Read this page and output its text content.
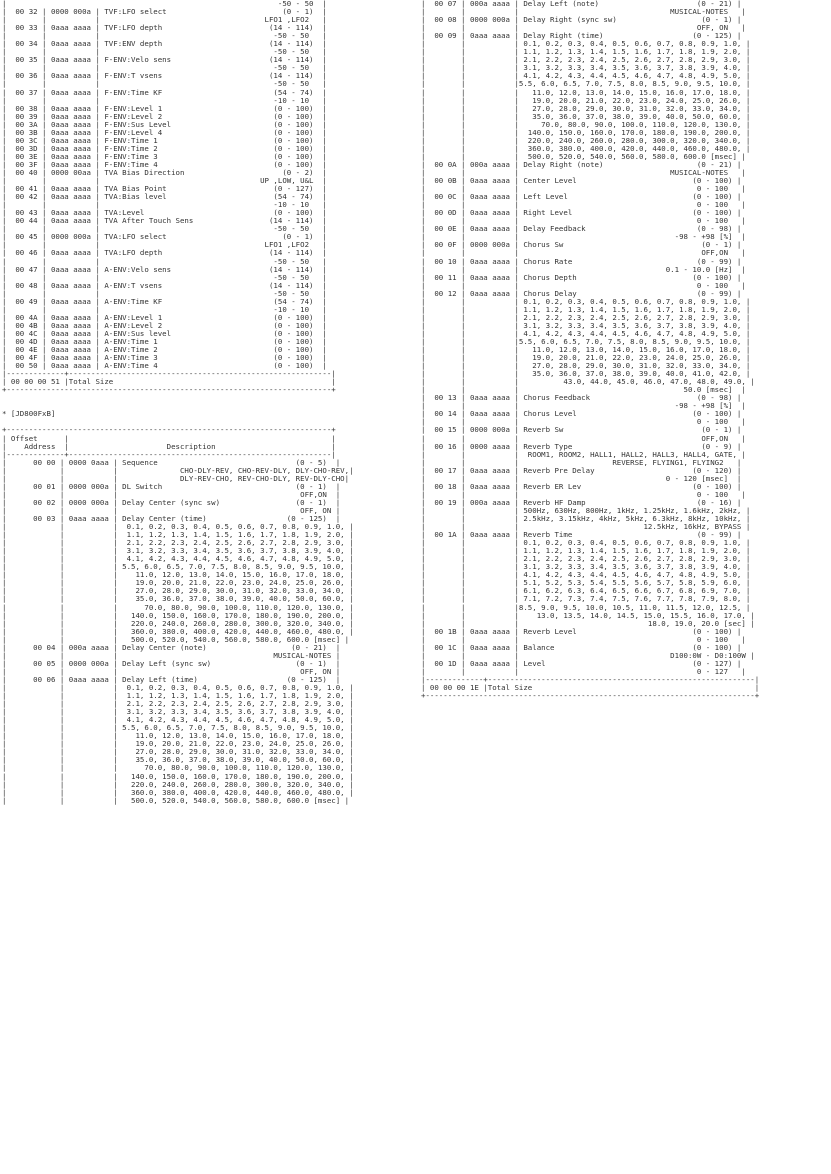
|                                                             -50 - 50  |
|  00 32 | 0000 000a | TVF:LFO select                          (0 - 1)  |
|        |           |                                     LFO1 ,LFO2   |
|  00 33 | 0aaa aaaa | TVF:LFO depth                        (14 - 114)  |
|        |           |                                       -50 - 50   |
|  00 34 | 0aaa aaaa | TVF:ENV depth                        (14 - 114)  |
|        |           |                                       -50 - 50   |
|  00 35 | 0aaa aaaa | F-ENV:Velo sens                      (14 - 114)  |
|        |           |                                       -50 - 50   |
|  00 36 | 0aaa aaaa | F-ENV:T vsens                        (14 - 114)  |
|        |           |                                       -50 - 50   |
|  00 37 | 0aaa aaaa | F-ENV:Time KF                         (54 - 74)  |
|        |           |                                       -10 - 10   |
|  00 38 | 0aaa aaaa | F-ENV:Level 1                         (0 - 100)  |
|  00 39 | 0aaa aaaa | F-ENV:Level 2                         (0 - 100)  |
|  00 3A | 0aaa aaaa | F-ENV:Sus Level                       (0 - 100)  |
|  00 3B | 0aaa aaaa | F-ENV:Level 4                         (0 - 100)  |
|  00 3C | 0aaa aaaa | F-ENV:Time 1                          (0 - 100)  |
|  00 3D | 0aaa aaaa | F-ENV:Time 2                          (0 - 100)  |
|  00 3E | 0aaa aaaa | F-ENV:Time 3                          (0 - 100)  |
|  00 3F | 0aaa aaaa | F-ENV:Time 4                          (0 - 100)  |
|  00 40 | 0000 00aa | TVA Bias Direction                      (0 - 2)  |
|        |           |                                    UP ,LOW, U&L  |
|  00 41 | 0aaa aaaa | TVA Bias Point                        (0 - 127)  |
|  00 42 | 0aaa aaaa | TVA:Bias level                        (54 - 74)  |
|        |           |                                       -10 - 10   |
|  00 43 | 0aaa aaaa | TVA:Level                             (0 - 100)  |
|  00 44 | 0aaa aaaa | TVA After Touch Sens                 (14 - 114)  |
|        |           |                                       -50 - 50   |
|  00 45 | 0000 000a | TVA:LFO select                          (0 - 1)  |
|        |           |                                     LFO1 ,LFO2   |
|  00 46 | 0aaa aaaa | TVA:LFO depth                        (14 - 114)  |
|        |           |                                       -50 - 50   |
|  00 47 | 0aaa aaaa | A-ENV:Velo sens                      (14 - 114)  |
|        |           |                                       -50 - 50   |
|  00 48 | 0aaa aaaa | A-ENV:T vsens                        (14 - 114)  |
|        |           |                                       -50 - 50   |
|  00 49 | 0aaa aaaa | A-ENV:Time KF                         (54 - 74)  |
|        |           |                                       -10 - 10   |
|  00 4A | 0aaa aaaa | A-ENV:Level 1                         (0 - 100)  |
|  00 4B | 0aaa aaaa | A-ENV:Level 2                         (0 - 100)  |
|  00 4C | 0aaa aaaa | A-ENV:Sus level                       (0 - 100)  |
|  00 4D | 0aaa aaaa | A-ENV:Time 1                          (0 - 100)  |
|  00 4E | 0aaa aaaa | A-ENV:Time 2                          (0 - 100)  |
|  00 4F | 0aaa aaaa | A-ENV:Time 3                          (0 - 100)  |
|  00 50 | 0aaa aaaa | A-ENV:Time 4                          (0 - 100)  |
|-------------+-----------------------------------------------------------|
| 00 00 00 51 |Total Size                                                 |
+-------------------------------------------------------------------------+
* [JD800FxB]
+-------------------------------------------------------------------------+
| Offset      |                                                           |
|    Address  |                      Description                          |
|-------------+-----------------------------------------------------------|
|      00 00 | 0000 0aaa | Sequence                               (0 - 5)  |
|            |           |              CHO-DLY-REV, CHO-REV-DLY, DLY-CHO-REV,|
|            |           |              DLY-REV-CHO, REV-CHO-DLY, REV-DLY-CHO|
|      00 01 | 0000 000a | DL Switch                              (0 - 1)  |
|            |           |                                         OFF,ON  |
|      00 02 | 0000 000a | Delay Center (sync sw)                 (0 - 1)  |
|            |           |                                         OFF, ON |
|      00 03 | 0aaa aaaa | Delay Center (time)                  (0 - 125)  |
|            |           |  0.1, 0.2, 0.3, 0.4, 0.5, 0.6, 0.7, 0.8, 0.9, 1.0, |
|            |           |  1.1, 1.2, 1.3, 1.4, 1.5, 1.6, 1.7, 1.8, 1.9, 2.0, |
|            |           |  2.1, 2.2, 2.3, 2.4, 2.5, 2.6, 2.7, 2.8, 2.9, 3.0, |
|            |           |  3.1, 3.2, 3.3, 3.4, 3.5, 3.6, 3.7, 3.8, 3.9, 4.0, |
|            |           |  4.1, 4.2, 4.3, 4.4, 4.5, 4.6, 4.7, 4.8, 4.9, 5.0, |
|            |           | 5.5, 6.0, 6.5, 7.0, 7.5, 8.0, 8.5, 9.0, 9.5, 10.0, |
|            |           |    11.0, 12.0, 13.0, 14.0, 15.0, 16.0, 17.0, 18.0, |
|            |           |    19.0, 20.0, 21.0, 22.0, 23.0, 24.0, 25.0, 26.0, |
|            |           |    27.0, 28.0, 29.0, 30.0, 31.0, 32.0, 33.0, 34.0, |
|            |           |    35.0, 36.0, 37.0, 38.0, 39.0, 40.0, 50.0, 60.0, |
|            |           |      70.0, 80.0, 90.0, 100.0, 110.0, 120.0, 130.0, |
|            |           |   140.0, 150.0, 160.0, 170.0, 180.0, 190.0, 200.0, |
|            |           |   220.0, 240.0, 260.0, 280.0, 300.0, 320.0, 340.0, |
|            |           |   360.0, 380.0, 400.0, 420.0, 440.0, 460.0, 480.0, |
|            |           |   500.0, 520.0, 540.0, 560.0, 580.0, 600.0 [msec] |
|      00 04 | 000a aaaa | Delay Center (note)                   (0 - 21)  |
|            |           |                                   MUSICAL-NOTES |
|      00 05 | 0000 000a | Delay Left (sync sw)                   (0 - 1)  |
|            |           |                                         OFF, ON |
|      00 06 | 0aaa aaaa | Delay Left (time)                    (0 - 125)  |
|            |           |  0.1, 0.2, 0.3, 0.4, 0.5, 0.6, 0.7, 0.8, 0.9, 1.0, |
|            |           |  1.1, 1.2, 1.3, 1.4, 1.5, 1.6, 1.7, 1.8, 1.9, 2.0, |
|            |           |  2.1, 2.2, 2.3, 2.4, 2.5, 2.6, 2.7, 2.8, 2.9, 3.0, |
|            |           |  3.1, 3.2, 3.3, 3.4, 3.5, 3.6, 3.7, 3.8, 3.9, 4.0, |
|            |           |  4.1, 4.2, 4.3, 4.4, 4.5, 4.6, 4.7, 4.8, 4.9, 5.0, |
|            |           | 5.5, 6.0, 6.5, 7.0, 7.5, 8.0, 8.5, 9.0, 9.5, 10.0, |
|            |           |    11.0, 12.0, 13.0, 14.0, 15.0, 16.0, 17.0, 18.0, |
|            |           |    19.0, 20.0, 21.0, 22.0, 23.0, 24.0, 25.0, 26.0, |
|            |           |    27.0, 28.0, 29.0, 30.0, 31.0, 32.0, 33.0, 34.0, |
|            |           |    35.0, 36.0, 37.0, 38.0, 39.0, 40.0, 50.0, 60.0, |
|            |           |      70.0, 80.0, 90.0, 100.0, 110.0, 120.0, 130.0, |
|            |           |   140.0, 150.0, 160.0, 170.0, 180.0, 190.0, 200.0, |
|            |           |   220.0, 240.0, 260.0, 280.0, 300.0, 320.0, 340.0, |
|            |           |   360.0, 380.0, 400.0, 420.0, 440.0, 460.0, 480.0, |
|            |           |   500.0, 520.0, 540.0, 560.0, 580.0, 600.0 [msec] |
|  00 07 | 000a aaaa | Delay Left (note)                      (0 - 21) |
|        |           |                                  MUSICAL-NOTES   |
|  00 08 | 0000 000a | Delay Right (sync sw)                   (0 - 1) |
|        |           |                                        OFF, ON   |
|  00 09 | 0aaa aaaa | Delay Right (time)                    (0 - 125) |
|        |           | 0.1, 0.2, 0.3, 0.4, 0.5, 0.6, 0.7, 0.8, 0.9, 1.0, |
|        |           | 1.1, 1.2, 1.3, 1.4, 1.5, 1.6, 1.7, 1.8, 1.9, 2.0, |
|        |           | 2.1, 2.2, 2.3, 2.4, 2.5, 2.6, 2.7, 2.8, 2.9, 3.0, |
|        |           | 3.1, 3.2, 3.3, 3.4, 3.5, 3.6, 3.7, 3.8, 3.9, 4.0, |
|        |           | 4.1, 4.2, 4.3, 4.4, 4.5, 4.6, 4.7, 4.8, 4.9, 5.0, |
|        |           |5.5, 6.0, 6.5, 7.0, 7.5, 8.0, 8.5, 9.0, 9.5, 10.0, |
|        |           |   11.0, 12.0, 13.0, 14.0, 15.0, 16.0, 17.0, 18.0, |
|        |           |   19.0, 20.0, 21.0, 22.0, 23.0, 24.0, 25.0, 26.0, |
|        |           |   27.0, 28.0, 29.0, 30.0, 31.0, 32.0, 33.0, 34.0, |
|        |           |   35.0, 36.0, 37.0, 38.0, 39.0, 40.0, 50.0, 60.0, |
|        |           |     70.0, 80.0, 90.0, 100.0, 110.0, 120.0, 130.0, |
|        |           |  140.0, 150.0, 160.0, 170.0, 180.0, 190.0, 200.0, |
|        |           |  220.0, 240.0, 260.0, 280.0, 300.0, 320.0, 340.0, |
|        |           |  360.0, 380.0, 400.0, 420.0, 440.0, 460.0, 480.0, |
|        |           |  500.0, 520.0, 540.0, 560.0, 580.0, 600.0 [msec] |
|  00 0A | 000a aaaa | Delay Right (note)                     (0 - 21) |
|        |           |                                  MUSICAL-NOTES   |
|  00 0B | 0aaa aaaa | Center Level                          (0 - 100) |
|        |           |                                        0 - 100   |
|  00 0C | 0aaa aaaa | Left Level                            (0 - 100) |
|        |           |                                        0 - 100   |
|  00 0D | 0aaa aaaa | Right Level                           (0 - 100) |
|        |           |                                        0 - 100   |
|  00 0E | 0aaa aaaa | Delay Feedback                         (0 - 98) |
|        |           |                                   -98 - +98 [%]  |
|  00 0F | 0000 000a | Chorus Sw                               (0 - 1) |
|        |           |                                         OFF,ON   |
|  00 10 | 0aaa aaaa | Chorus Rate                            (0 - 99) |
|        |           |                                 0.1 - 10.0 [Hz]  |
|  00 11 | 0aaa aaaa | Chorus Depth                          (0 - 100) |
|        |           |                                        0 - 100   |
|  00 12 | 0aaa aaaa | Chorus Delay                           (0 - 99) |
|        |           | 0.1, 0.2, 0.3, 0.4, 0.5, 0.6, 0.7, 0.8, 0.9, 1.0, |
|        |           | 1.1, 1.2, 1.3, 1.4, 1.5, 1.6, 1.7, 1.8, 1.9, 2.0, |
|        |           | 2.1, 2.2, 2.3, 2.4, 2.5, 2.6, 2.7, 2.8, 2.9, 3.0, |
|        |           | 3.1, 3.2, 3.3, 3.4, 3.5, 3.6, 3.7, 3.8, 3.9, 4.0, |
|        |           | 4.1, 4.2, 4.3, 4.4, 4.5, 4.6, 4.7, 4.8, 4.9, 5.0, |
|        |           |5.5, 6.0, 6.5, 7.0, 7.5, 8.0, 8.5, 9.0, 9.5, 10.0, |
|        |           |   11.0, 12.0, 13.0, 14.0, 15.0, 16.0, 17.0, 18.0, |
|        |           |   19.0, 20.0, 21.0, 22.0, 23.0, 24.0, 25.0, 26.0, |
|        |           |   27.0, 28.0, 29.0, 30.0, 31.0, 32.0, 33.0, 34.0, |
|        |           |   35.0, 36.0, 37.0, 38.0, 39.0, 40.0, 41.0, 42.0, |
|        |           |          43.0, 44.0, 45.0, 46.0, 47.0, 48.0, 49.0, |
|        |           |                                     50.0 [msec]  |
|  00 13 | 0aaa aaaa | Chorus Feedback                        (0 - 98) |
|        |           |                                   -98 - +98 [%]  |
|  00 14 | 0aaa aaaa | Chorus Level                          (0 - 100) |
|        |           |                                        0 - 100   |
|  00 15 | 0000 000a | Reverb Sw                               (0 - 1) |
|        |           |                                         OFF,ON   |
|  00 16 | 0000 aaaa | Reverb Type                             (0 - 9) |
|        |           |  ROOM1, ROOM2, HALL1, HALL2, HALL3, HALL4, GATE, |
|        |           |                     REVERSE, FLYING1, FLYING2   |
|  00 17 | 0aaa aaaa | Reverb Pre Delay                      (0 - 120) |
|        |           |                                 0 - 120 [msec]  |
|  00 18 | 0aaa aaaa | Reverb ER Lev                         (0 - 100) |
|        |           |                                        0 - 100   |
|  00 19 | 000a aaaa | Reverb HF Damp                         (0 - 16) |
|        |           | 500Hz, 630Hz, 800Hz, 1kHz, 1.25kHz, 1.6kHz, 2kHz, |
|        |           | 2.5kHz, 3.15kHz, 4kHz, 5kHz, 6.3kHz, 8kHz, 10kHz, |
|        |           |                            12.5kHz, 16kHz, BYPASS |
|  00 1A | 0aaa aaaa | Reverb Time                            (0 - 99) |
|        |           | 0.1, 0.2, 0.3, 0.4, 0.5, 0.6, 0.7, 0.8, 0.9, 1.0, |
|        |           | 1.1, 1.2, 1.3, 1.4, 1.5, 1.6, 1.7, 1.8, 1.9, 2.0, |
|        |           | 2.1, 2.2, 2.3, 2.4, 2.5, 2.6, 2.7, 2.8, 2.9, 3.0, |
|        |           | 3.1, 3.2, 3.3, 3.4, 3.5, 3.6, 3.7, 3.8, 3.9, 4.0, |
|        |           | 4.1, 4.2, 4.3, 4.4, 4.5, 4.6, 4.7, 4.8, 4.9, 5.0, |
|        |           | 5.1, 5.2, 5.3, 5.4, 5.5, 5.6, 5.7, 5.8, 5.9, 6.0, |
|        |           | 6.1, 6.2, 6.3, 6.4, 6.5, 6.6, 6.7, 6.8, 6.9, 7.0, |
|        |           | 7.1, 7.2, 7.3, 7.4, 7.5, 7.6, 7.7, 7.8, 7.9, 8.0, |
|        |           |8.5, 9.0, 9.5, 10.0, 10.5, 11.0, 11.5, 12.0, 12.5, |
|        |           |    13.0, 13.5, 14.0, 14.5, 15.0, 15.5, 16.0, 17.0, |
|        |           |                             18.0, 19.0, 20.0 [sec] |
|  00 1B | 0aaa aaaa | Reverb Level                          (0 - 100) |
|        |           |                                        0 - 100   |
|  00 1C | 0aaa aaaa | Balance                               (0 - 100) |
|        |           |                                  D100:0W - D0:100W |
|  00 1D | 0aaa aaaa | Level                                 (0 - 127) |
|        |           |                                        0 - 127   |
|-------------+------------------------------------------------------------|
| 00 00 00 1E |Total Size                                                  |
+--------------------------------------------------------------------------+
